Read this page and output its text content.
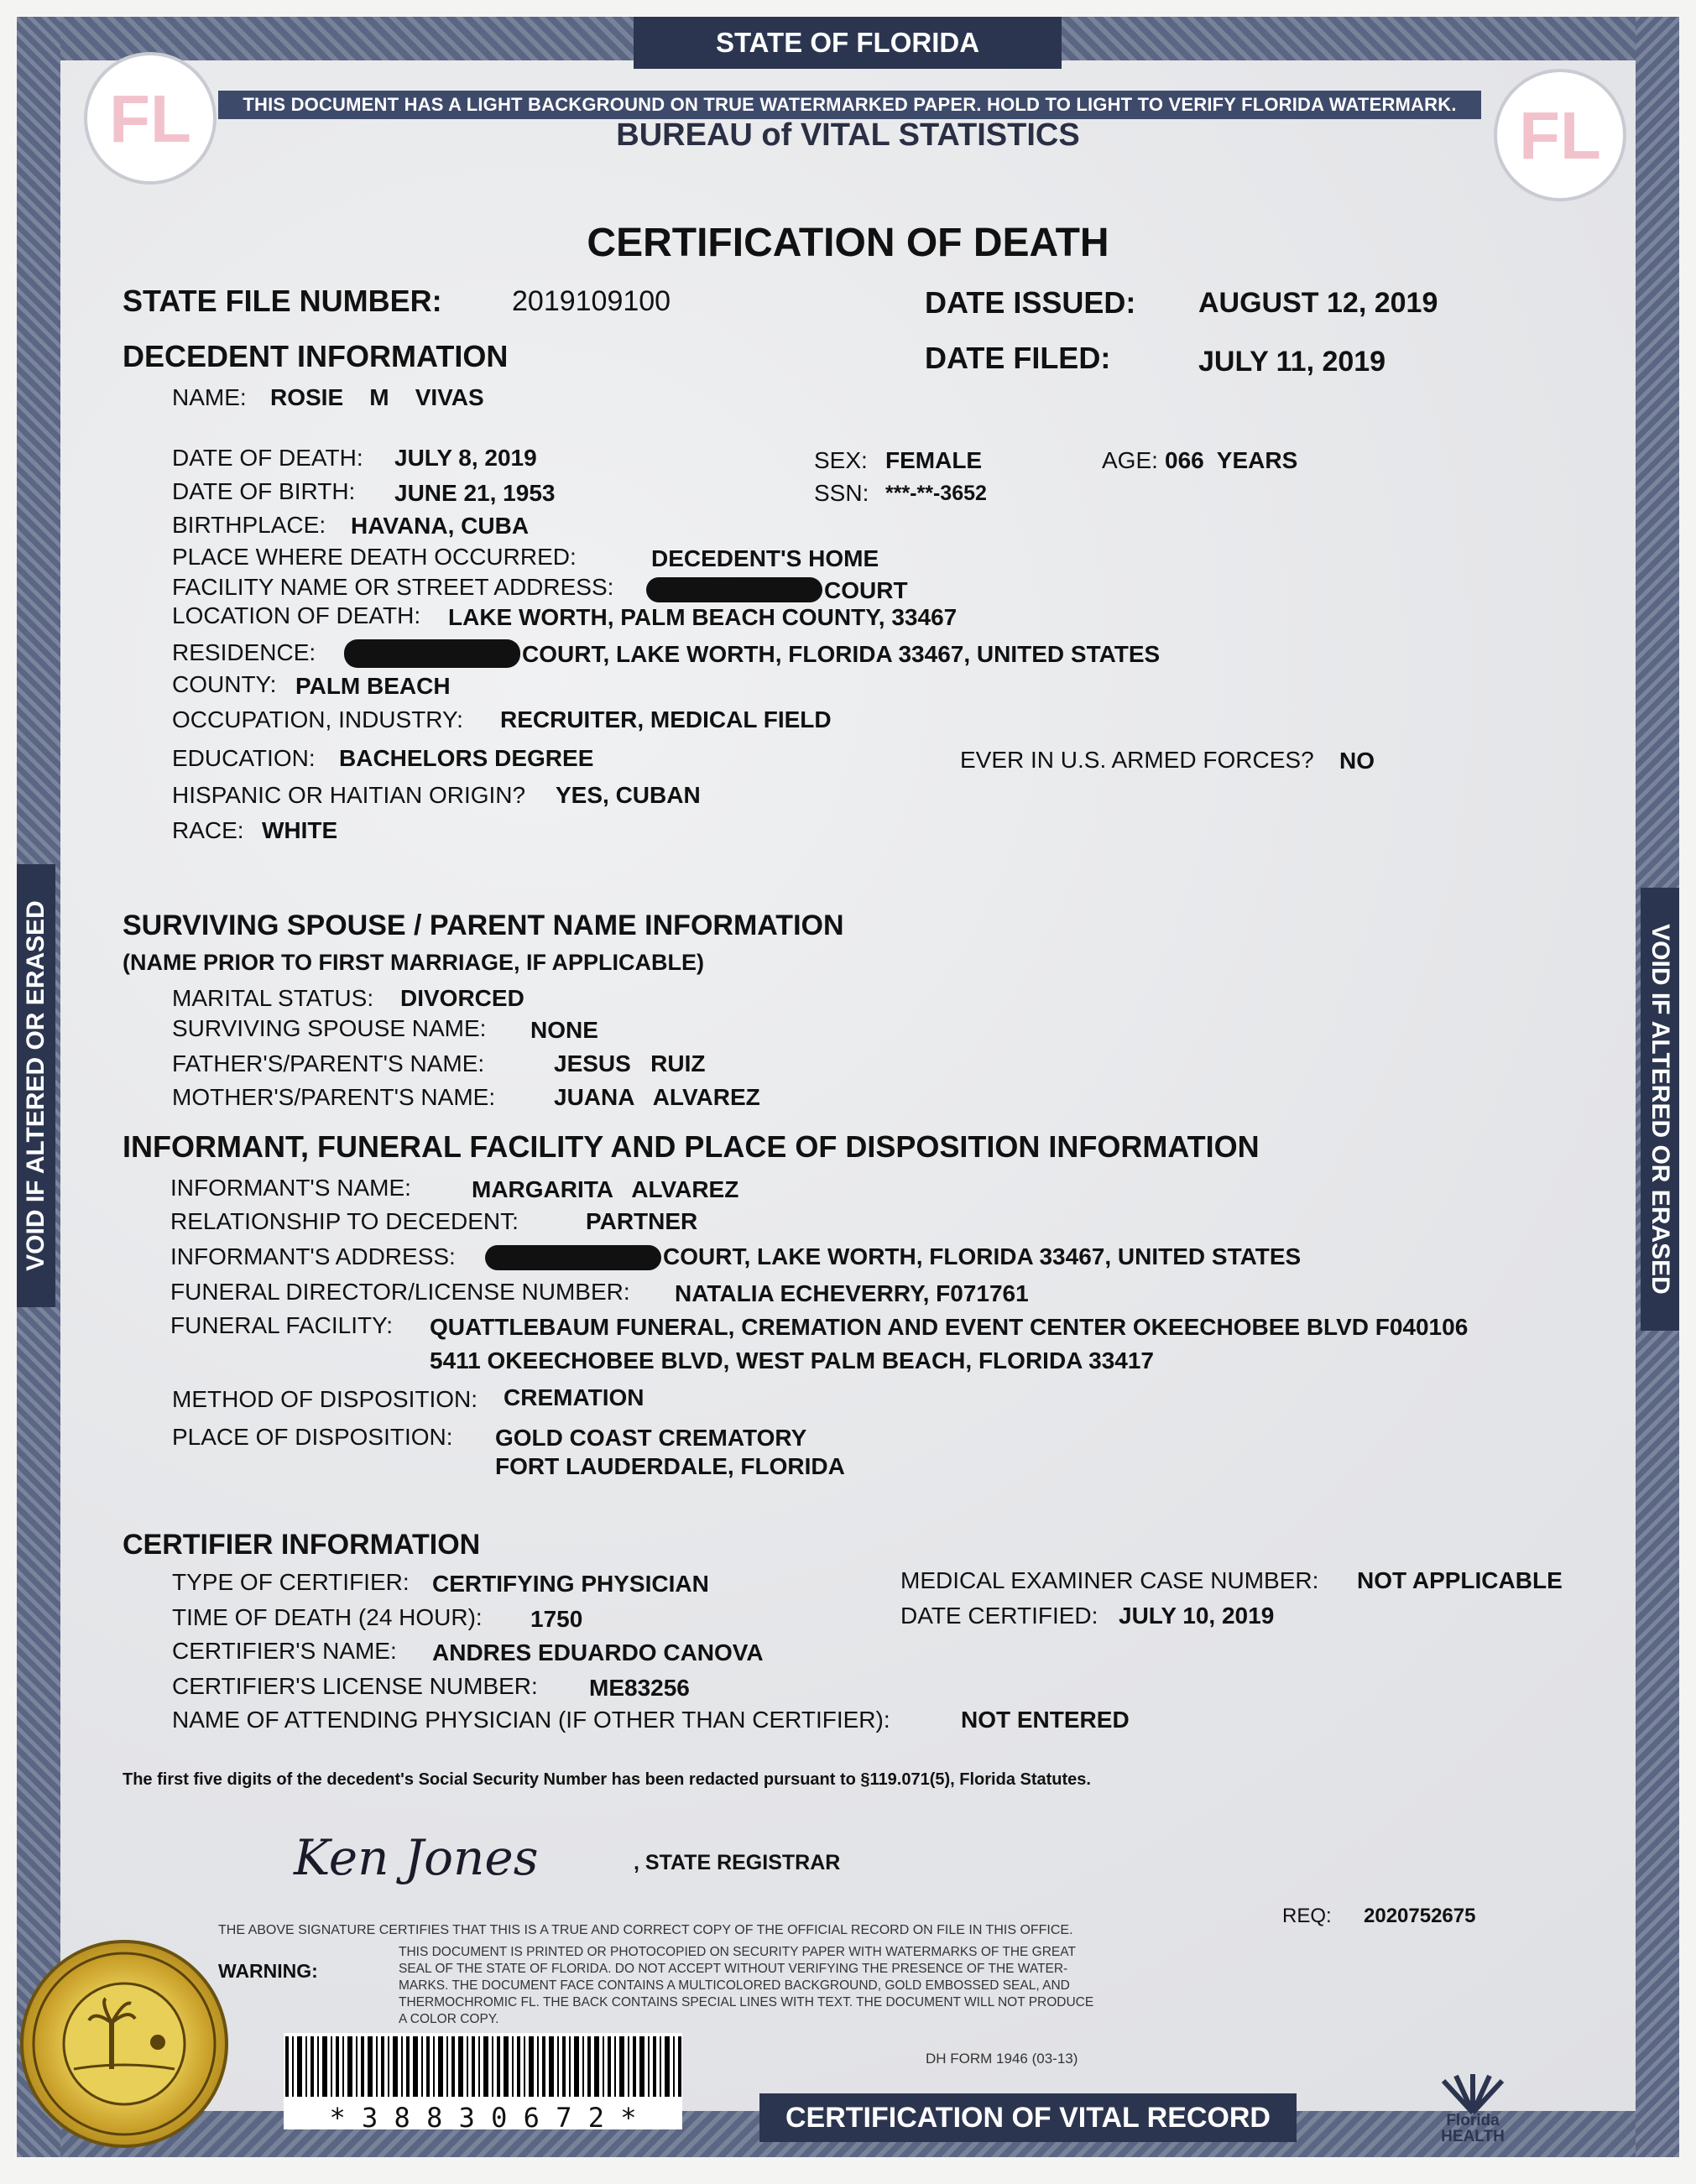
STATE OF FLORIDA
THIS DOCUMENT HAS A LIGHT BACKGROUND ON TRUE WATERMARKED PAPER. HOLD TO LIGHT TO VERIFY FLORIDA WATERMARK.
FL	FL
BUREAU of VITAL STATISTICS
CERTIFICATION OF DEATH
VOID IF ALTERED OR ERASED	VOID IF ALTERED OR ERASED
STATE FILE NUMBER: 2019109100	DATE ISSUED: AUGUST 12, 2019
DECEDENT INFORMATION	DATE FILED:	JULY 11, 2019
NAME: ROSIE    M    VIVAS
DATE OF DEATH: JULY 8, 2019	SEX: FEMALE	AGE: 066  YEARS
DATE OF BIRTH: JUNE 21, 1953	SSN: ***-**-3652
BIRTHPLACE: HAVANA, CUBA
PLACE WHERE DEATH OCCURRED:	DECEDENT'S HOME
FACILITY NAME OR STREET ADDRESS:	COURT
LOCATION OF DEATH: LAKE WORTH, PALM BEACH COUNTY, 33467
RESIDENCE:	COURT, LAKE WORTH, FLORIDA 33467, UNITED STATES
COUNTY: PALM BEACH
OCCUPATION, INDUSTRY: RECRUITER, MEDICAL FIELD
EDUCATION: BACHELORS DEGREE	EVER IN U.S. ARMED FORCES? NO
HISPANIC OR HAITIAN ORIGIN? YES, CUBAN
RACE: WHITE
SURVIVING SPOUSE / PARENT NAME INFORMATION
(NAME PRIOR TO FIRST MARRIAGE, IF APPLICABLE)
MARITAL STATUS: DIVORCED
SURVIVING SPOUSE NAME: NONE
FATHER'S/PARENT'S NAME:	JESUS   RUIZ
MOTHER'S/PARENT'S NAME: JUANA   ALVAREZ
INFORMANT, FUNERAL FACILITY AND PLACE OF DISPOSITION INFORMATION
INFORMANT'S NAME:	MARGARITA   ALVAREZ
RELATIONSHIP TO DECEDENT:	PARTNER
INFORMANT'S ADDRESS:	COURT, LAKE WORTH, FLORIDA 33467, UNITED STATES
FUNERAL DIRECTOR/LICENSE NUMBER: NATALIA ECHEVERRY, F071761
FUNERAL FACILITY: QUATTLEBAUM FUNERAL, CREMATION AND EVENT CENTER OKEECHOBEE BLVD F040106
5411 OKEECHOBEE BLVD, WEST PALM BEACH, FLORIDA 33417
METHOD OF DISPOSITION: CREMATION
PLACE OF DISPOSITION: GOLD COAST CREMATORY
FORT LAUDERDALE, FLORIDA
CERTIFIER INFORMATION
TYPE OF CERTIFIER: CERTIFYING PHYSICIAN	MEDICAL EXAMINER CASE NUMBER: NOT APPLICABLE
TIME OF DEATH (24 HOUR): 1750	DATE CERTIFIED: JULY 10, 2019
CERTIFIER'S NAME: ANDRES EDUARDO CANOVA
CERTIFIER'S LICENSE NUMBER: ME83256
NAME OF ATTENDING PHYSICIAN (IF OTHER THAN CERTIFIER):	NOT ENTERED
The first five digits of the decedent's Social Security Number has been redacted pursuant to §119.071(5), Florida Statutes.
Ken Jones	, STATE REGISTRAR
REQ: 2020752675
THE ABOVE SIGNATURE CERTIFIES THAT THIS IS A TRUE AND CORRECT COPY OF THE OFFICIAL RECORD ON FILE IN THIS OFFICE.
WARNING:
THIS DOCUMENT IS PRINTED OR PHOTOCOPIED ON SECURITY PAPER WITH WATERMARKS OF THE GREAT
SEAL OF THE STATE OF FLORIDA. DO NOT ACCEPT WITHOUT VERIFYING THE PRESENCE OF THE WATER-
MARKS. THE DOCUMENT FACE CONTAINS A MULTICOLORED BACKGROUND, GOLD EMBOSSED SEAL, AND
THERMOCHROMIC FL. THE BACK CONTAINS SPECIAL LINES WITH TEXT. THE DOCUMENT WILL NOT PRODUCE
A COLOR COPY.
DH FORM 1946 (03-13)
* 3 8 8 3 0 6 7 2 *	CERTIFICATION OF VITAL RECORD	Florida
HEALTH
